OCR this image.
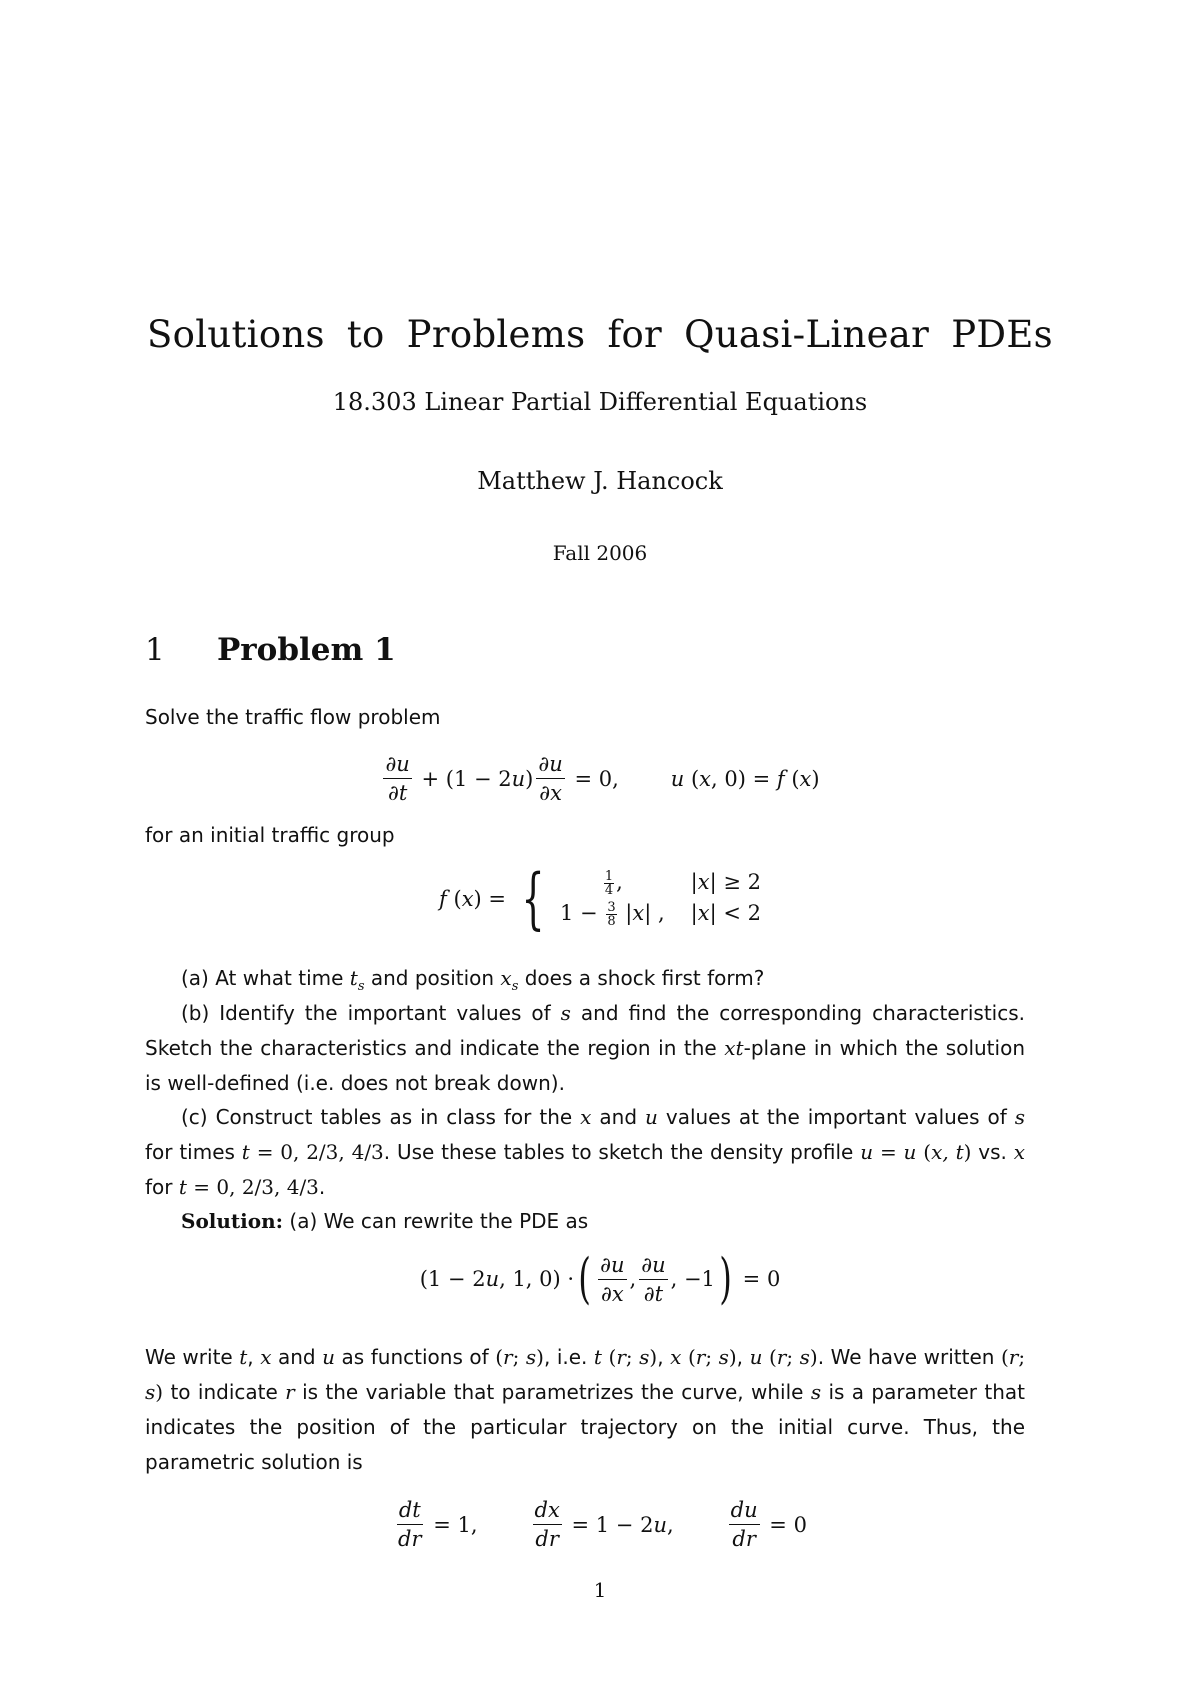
Solutions to Problems for Quasi-Linear PDEs
18.303 Linear Partial Differential Equations
Matthew J. Hancock
Fall 2006
1 Problem 1
Solve the traffic flow problem
$\frac{\partial u}{\partial t} + (1 - 2u) \frac{\partial u}{\partial x} = 0$, u (x, 0) = f (x)
for an initial traffic group
f (x) = {	$\frac{1}{4}$ ,	|x| ≥ 2
$1 - \frac{3}{8} |x|$ , |x| < 2
(a) At what time $t_s$ and position $x_s$ does a shock first form?
(b) Identify the important values of s and find the corresponding characteristics. Sketch the characteristics and indicate the region in the xt-plane in which the solution is well-defined (i.e. does not break down).
(c) Construct tables as in class for the x and u values at the important values of s for times t = 0, 2/3, 4/3. Use these tables to sketch the density profile u = u (x, t) vs. x for t = 0, 2/3, 4/3.
Solution: (a) We can rewrite the PDE as
(1 − 2u, 1, 0) · ( $\frac{\partial u}{\partial x}$ , $\frac{\partial u}{\partial t}$ , −1 ) = 0
We write t, x and u as functions of (r; s), i.e. t (r; s), x (r; s), u (r; s). We have written (r; s) to indicate r is the variable that parametrizes the curve, while s is a parameter that indicates the position of the particular trajectory on the initial curve. Thus, the parametric solution is
$\frac{dt}{dr} = 1$,	$\frac{dx}{dr} = 1 - 2u$,	$\frac{du}{dr} = 0$
1
